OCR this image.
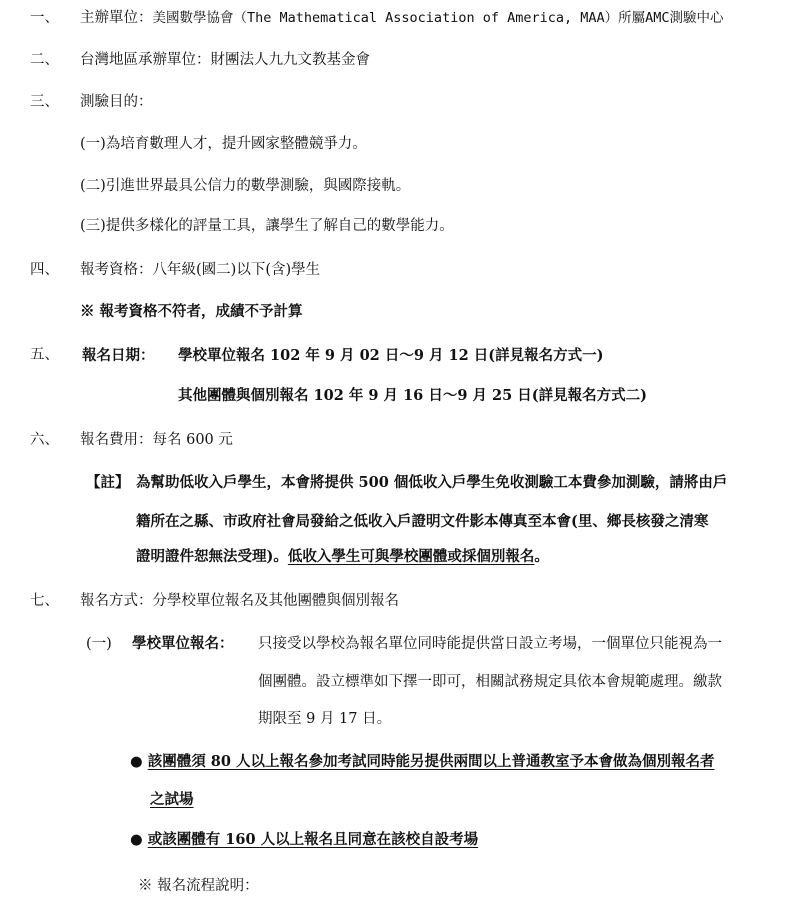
一、 主辦單位：美國數學協會（The Mathematical Association of America, MAA）所屬AMC測驗中心
二、 台灣地區承辦單位：財團法人九九文教基金會
三、 測驗目的：
(一)為培育數理人才，提升國家整體競爭力。
(二)引進世界最具公信力的數學測驗，與國際接軌。
(三)提供多樣化的評量工具，讓學生了解自己的數學能力。
四、 報考資格：八年級(國二)以下(含)學生
※ 報考資格不符者，成績不予計算
五、 報名日期： 學校單位報名 102 年 9 月 02 日～9 月 12 日(詳見報名方式一)
其他團體與個別報名 102 年 9 月 16 日～9 月 25 日(詳見報名方式二)
六、 報名費用：每名 600 元
【註】 為幫助低收入戶學生，本會將提供 500 個低收入戶學生免收測驗工本費參加測驗，請將由戶
籍所在之縣、市政府社會局發給之低收入戶證明文件影本傳真至本會(里、鄉長核發之清寒
證明證件恕無法受理)。低收入學生可與學校團體或採個別報名。
七、 報名方式：分學校單位報名及其他團體與個別報名
(一) 學校單位報名： 只接受以學校為報名單位同時能提供當日設立考場，一個單位只能視為一
個團體。設立標準如下擇一即可，相關試務規定具依本會規範處理。繳款
期限至 9 月 17 日。
● 該團體須 80 人以上報名參加考試同時能另提供兩間以上普通教室予本會做為個別報名者
之試場
● 或該團體有 160 人以上報名且同意在該校自設考場
※ 報名流程說明：
